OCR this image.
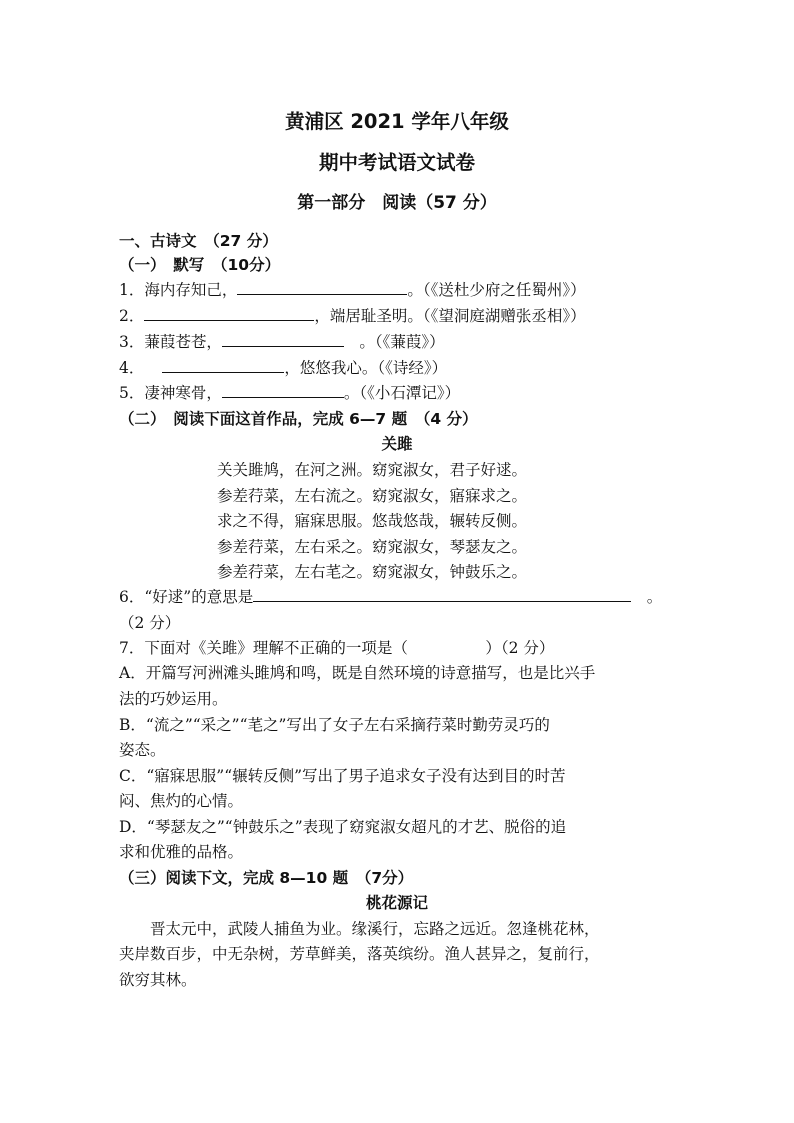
黄浦区 2021 学年八年级
期中考试语文试卷
第一部分　阅读（57 分）
一、古诗文　（27 分）
（一）　默写　（10分）
1．海内存知己，	。（《送杜少府之任蜀州》）
2．	，端居耻圣明。（《望洞庭湖赠张丞相》）
3．蒹葭苍苍，	　。（《蒹葭》）
4．	，悠悠我心。（《诗经》）
5．凄神寒骨，	。（《小石潭记》）
（二）　阅读下面这首作品，完成 6—7 题　（4 分）
关雎
关关雎鸠，在河之洲。窈窕淑女，君子好逑。
参差荇菜，左右流之。窈窕淑女，寤寐求之。
求之不得，寤寐思服。悠哉悠哉，辗转反侧。
参差荇菜，左右采之。窈窕淑女，琴瑟友之。
参差荇菜，左右芼之。窈窕淑女，钟鼓乐之。
6．“好逑”的意思是	　。
（2 分）
7．下面对《关雎》理解不正确的一项是（　　　　　）（2 分）
A．开篇写河洲滩头雎鸠和鸣，既是自然环境的诗意描写，也是比兴手
法的巧妙运用。
B．“流之”“采之”“芼之”写出了女子左右采摘荇菜时勤劳灵巧的
姿态。
C．“寤寐思服”“辗转反侧”写出了男子追求女子没有达到目的时苦
闷、焦灼的心情。
D．“琴瑟友之”“钟鼓乐之”表现了窈窕淑女超凡的才艺、脱俗的追
求和优雅的品格。
（三）阅读下文，完成 8—10 题　（7分）
桃花源记
　　晋太元中，武陵人捕鱼为业。缘溪行，忘路之远近。忽逢桃花林，
夹岸数百步，中无杂树，芳草鲜美，落英缤纷。渔人甚异之，复前行，
欲穷其林。
